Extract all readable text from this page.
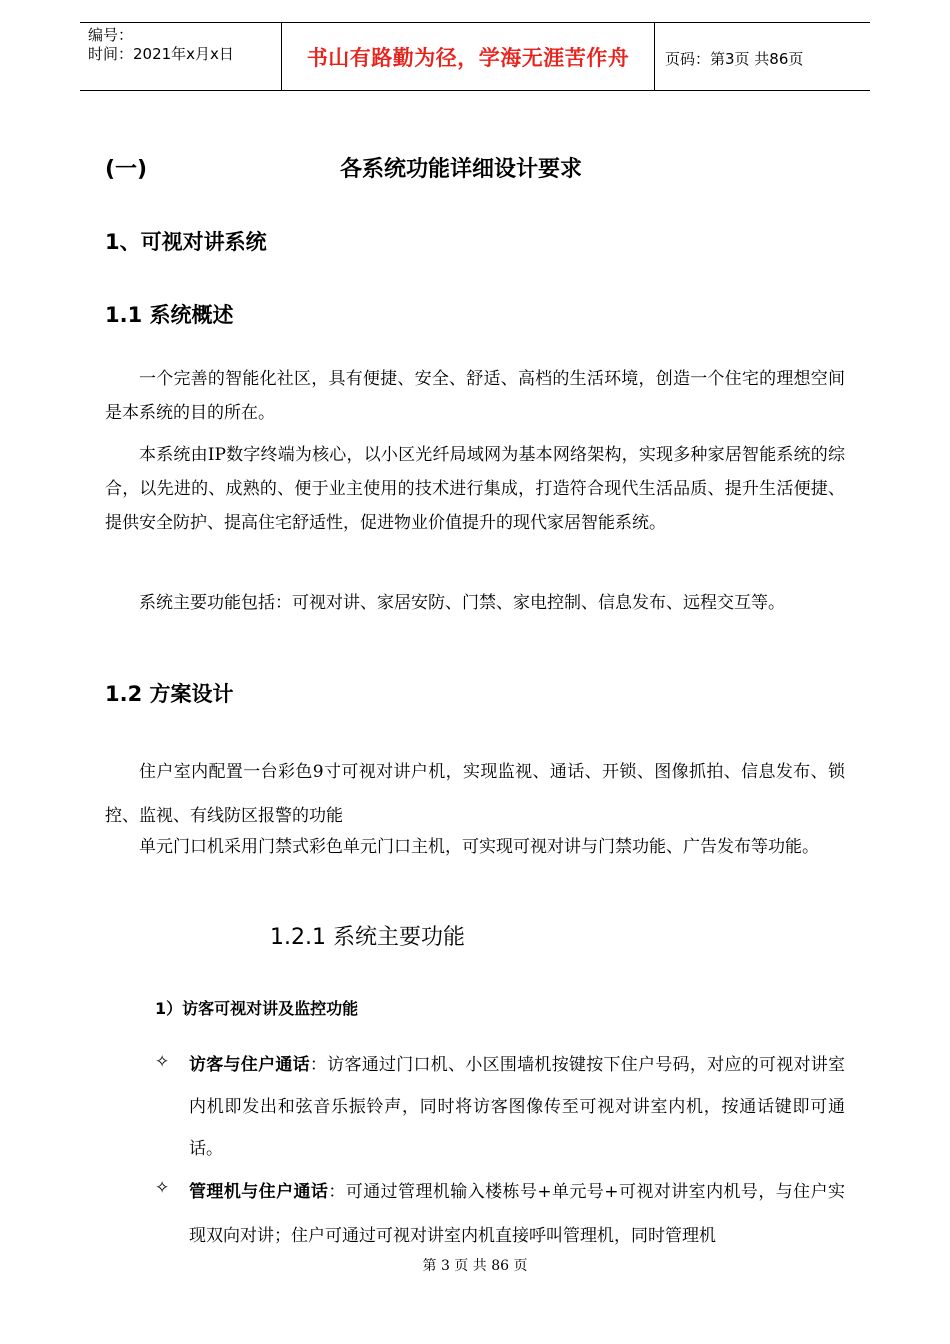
编号：
时间：2021年x月x日	书山有路勤为径，学海无涯苦作舟	页码：第3页 共86页
(一)	各系统功能详细设计要求
1、可视对讲系统
1.1 系统概述
一个完善的智能化社区，具有便捷、安全、舒适、高档的生活环境，创造一个住宅的理想空间是本系统的目的所在。
本系统由IP数字终端为核心，以小区光纤局域网为基本网络架构，实现多种家居智能系统的综合，以先进的、成熟的、便于业主使用的技术进行集成，打造符合现代生活品质、提升生活便捷、提供安全防护、提高住宅舒适性，促进物业价值提升的现代家居智能系统。
系统主要功能包括：可视对讲、家居安防、门禁、家电控制、信息发布、远程交互等。
1.2 方案设计
住户室内配置一台彩色9寸可视对讲户机，实现监视、通话、开锁、图像抓拍、信息发布、锁控、监视、有线防区报警的功能
单元门口机采用门禁式彩色单元门口主机，可实现可视对讲与门禁功能、广告发布等功能。
1.2.1 系统主要功能
1）访客可视对讲及监控功能
✧	访客与住户通话：访客通过门口机、小区围墙机按键按下住户号码，对应的可视对讲室内机即发出和弦音乐振铃声，同时将访客图像传至可视对讲室内机，按通话键即可通话。
✧	管理机与住户通话：可通过管理机输入楼栋号+单元号+可视对讲室内机号，与住户实现双向对讲；住户可通过可视对讲室内机直接呼叫管理机，同时管理机
第 3 页 共 86 页
